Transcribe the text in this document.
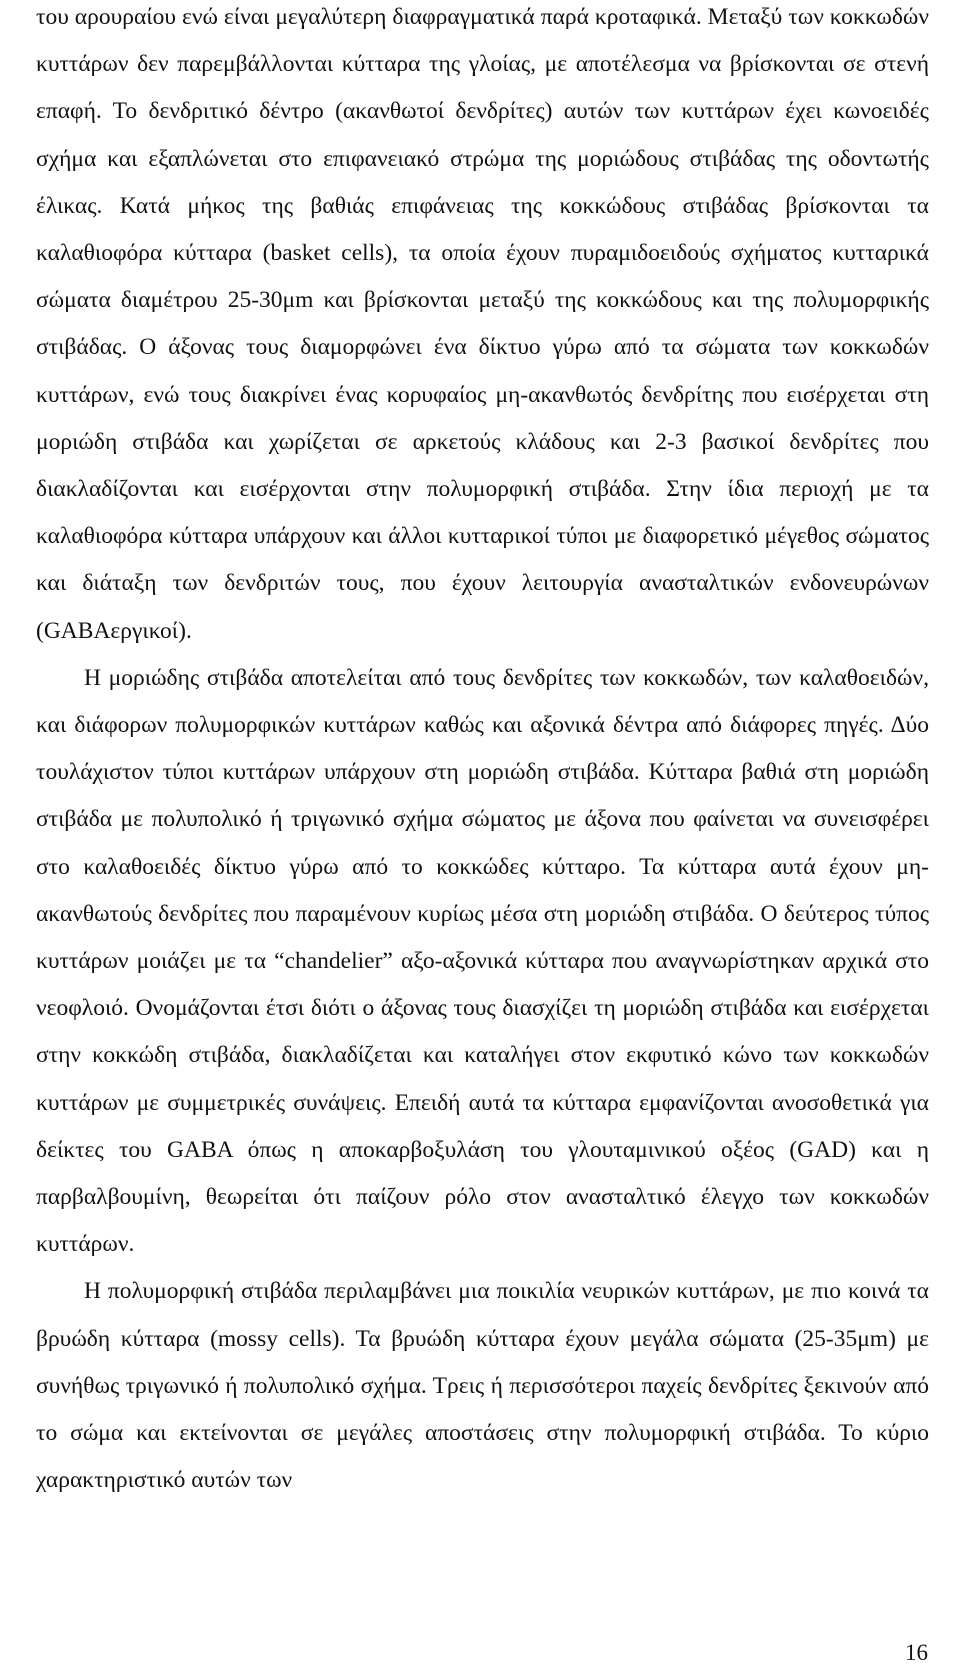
του αρουραίου ενώ είναι μεγαλύτερη διαφραγματικά παρά κροταφικά. Μεταξύ των κοκκωδών κυττάρων δεν παρεμβάλλονται κύτταρα της γλοίας, με αποτέλεσμα να βρίσκονται σε στενή επαφή. Το δενδριτικό δέντρο (ακανθωτοί δενδρίτες) αυτών των κυττάρων έχει κωνοειδές σχήμα και εξαπλώνεται στο επιφανειακό στρώμα της μοριώδους στιβάδας της οδοντωτής έλικας. Κατά μήκος της βαθιάς επιφάνειας της κοκκώδους στιβάδας βρίσκονται τα καλαθιοφόρα κύτταρα (basket cells), τα οποία έχουν πυραμιδοειδούς σχήματος κυτταρικά σώματα διαμέτρου 25-30μm και βρίσκονται μεταξύ της κοκκώδους και της πολυμορφικής στιβάδας. Ο άξονας τους διαμορφώνει ένα δίκτυο γύρω από τα σώματα των κοκκωδών κυττάρων, ενώ τους διακρίνει ένας κορυφαίος μη-ακανθωτός δενδρίτης που εισέρχεται στη μοριώδη στιβάδα και χωρίζεται σε αρκετούς κλάδους και 2-3 βασικοί δενδρίτες που διακλαδίζονται και εισέρχονται στην πολυμορφική στιβάδα. Στην ίδια περιοχή με τα καλαθιοφόρα κύτταρα υπάρχουν και άλλοι κυτταρικοί τύποι με διαφορετικό μέγεθος σώματος και διάταξη των δενδριτών τους, που έχουν λειτουργία ανασταλτικών ενδονευρώνων (GABAεργικοί).

Η μοριώδης στιβάδα αποτελείται από τους δενδρίτες των κοκκωδών, των καλαθοειδών, και διάφορων πολυμορφικών κυττάρων καθώς και αξονικά δέντρα από διάφορες πηγές. Δύο τουλάχιστον τύποι κυττάρων υπάρχουν στη μοριώδη στιβάδα. Κύτταρα βαθιά στη μοριώδη στιβάδα με πολυπολικό ή τριγωνικό σχήμα σώματος με άξονα που φαίνεται να συνεισφέρει στο καλαθοειδές δίκτυο γύρω από το κοκκώδες κύτταρο. Τα κύτταρα αυτά έχουν μη-ακανθωτούς δενδρίτες που παραμένουν κυρίως μέσα στη μοριώδη στιβάδα. Ο δεύτερος τύπος κυττάρων μοιάζει με τα “chandelier” αξο-αξονικά κύτταρα που αναγνωρίστηκαν αρχικά στο νεοφλοιό. Ονομάζονται έτσι διότι ο άξονας τους διασχίζει τη μοριώδη στιβάδα και εισέρχεται στην κοκκώδη στιβάδα, διακλαδίζεται και καταλήγει στον εκφυτικό κώνο των κοκκωδών κυττάρων με συμμετρικές συνάψεις. Επειδή αυτά τα κύτταρα εμφανίζονται ανοσοθετικά για δείκτες του GABA όπως η αποκαρβοξυλάση του γλουταμινικού οξέος (GAD) και η παρβαλβουμίνη, θεωρείται ότι παίζουν ρόλο στον ανασταλτικό έλεγχο των κοκκωδών κυττάρων.

Η πολυμορφική στιβάδα περιλαμβάνει μια ποικιλία νευρικών κυττάρων, με πιο κοινά τα βρυώδη κύτταρα (mossy cells). Τα βρυώδη κύτταρα έχουν μεγάλα σώματα (25-35μm) με συνήθως τριγωνικό ή πολυπολικό σχήμα. Τρεις ή περισσότεροι παχείς δενδρίτες ξεκινούν από το σώμα και εκτείνονται σε μεγάλες αποστάσεις στην πολυμορφική στιβάδα. Το κύριο χαρακτηριστικό αυτών των

16
